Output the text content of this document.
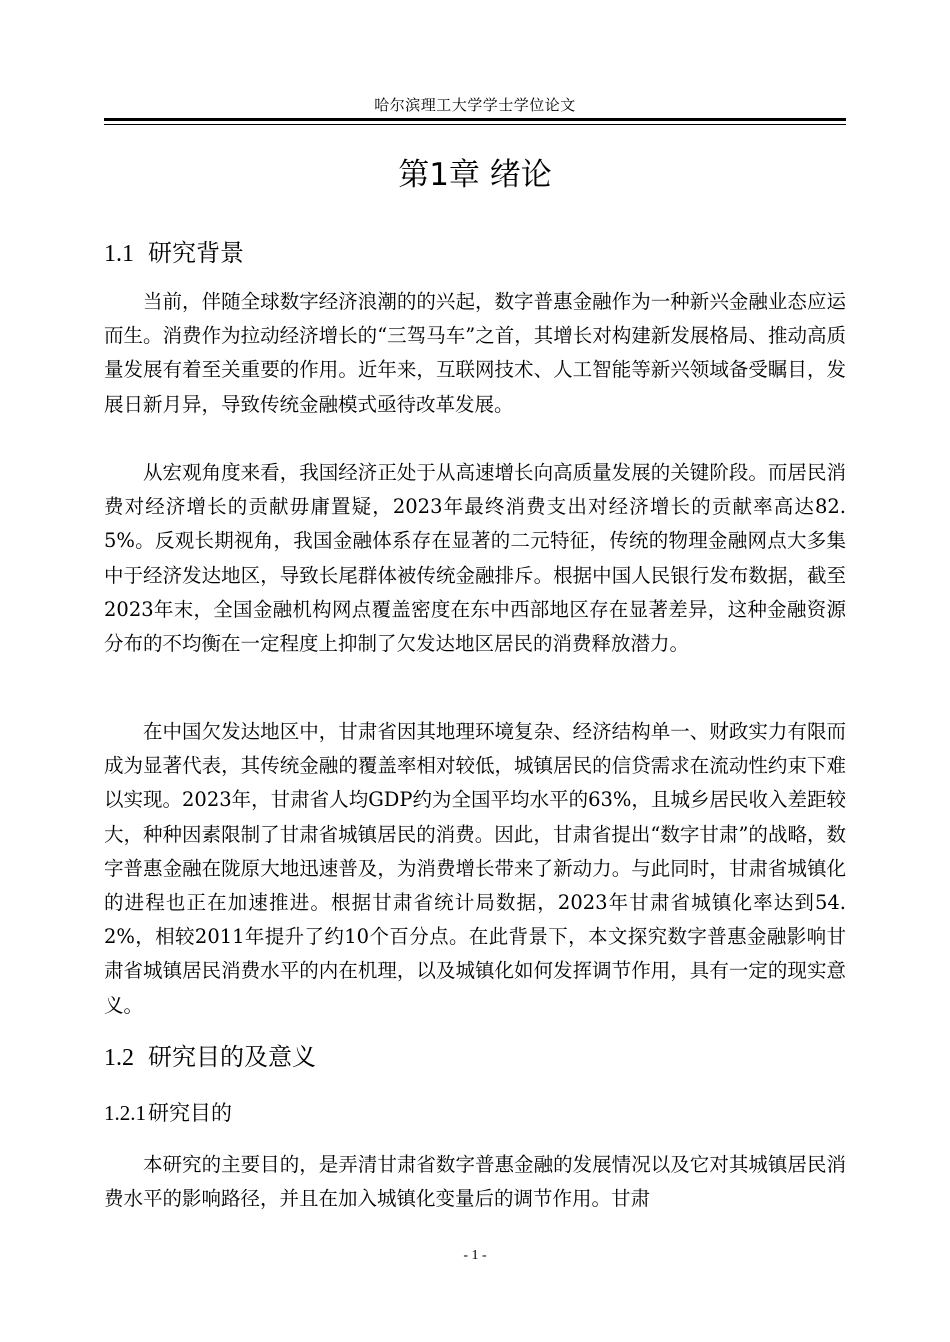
哈尔滨理工大学学士学位论文
第1章 绪论
1.1 研究背景

当前，伴随全球数字经济浪潮的的兴起，数字普惠金融作为一种新兴金融业态应运而生。消费作为拉动经济增长的“三驾马车”之首，其增长对构建新发展格局、推动高质量发展有着至关重要的作用。近年来，互联网技术、人工智能等新兴领域备受瞩目，发展日新月异，导致传统金融模式亟待改革发展。

从宏观角度来看，我国经济正处于从高速增长向高质量发展的关键阶段。而居民消费对经济增长的贡献毋庸置疑，2023年最终消费支出对经济增长的贡献率高达82.5%。反观长期视角，我国金融体系存在显著的二元特征，传统的物理金融网点大多集中于经济发达地区，导致长尾群体被传统金融排斥。根据中国人民银行发布数据，截至2023年末，全国金融机构网点覆盖密度在东中西部地区存在显著差异，这种金融资源分布的不均衡在一定程度上抑制了欠发达地区居民的消费释放潜力。

在中国欠发达地区中，甘肃省因其地理环境复杂、经济结构单一、财政实力有限而成为显著代表，其传统金融的覆盖率相对较低，城镇居民的信贷需求在流动性约束下难以实现。2023年，甘肃省人均GDP约为全国平均水平的63%，且城乡居民收入差距较大，种种因素限制了甘肃省城镇居民的消费。因此，甘肃省提出“数字甘肃”的战略，数字普惠金融在陇原大地迅速普及，为消费增长带来了新动力。与此同时，甘肃省城镇化的进程也正在加速推进。根据甘肃省统计局数据，2023年甘肃省城镇化率达到54.2%，相较2011年提升了约10个百分点。在此背景下，本文探究数字普惠金融影响甘肃省城镇居民消费水平的内在机理，以及城镇化如何发挥调节作用，具有一定的现实意义。

1.2 研究目的及意义
1.2.1研究目的

本研究的主要目的，是弄清甘肃省数字普惠金融的发展情况以及它对其城镇居民消费水平的影响路径，并且在加入城镇化变量后的调节作用。甘肃

- 1 -
